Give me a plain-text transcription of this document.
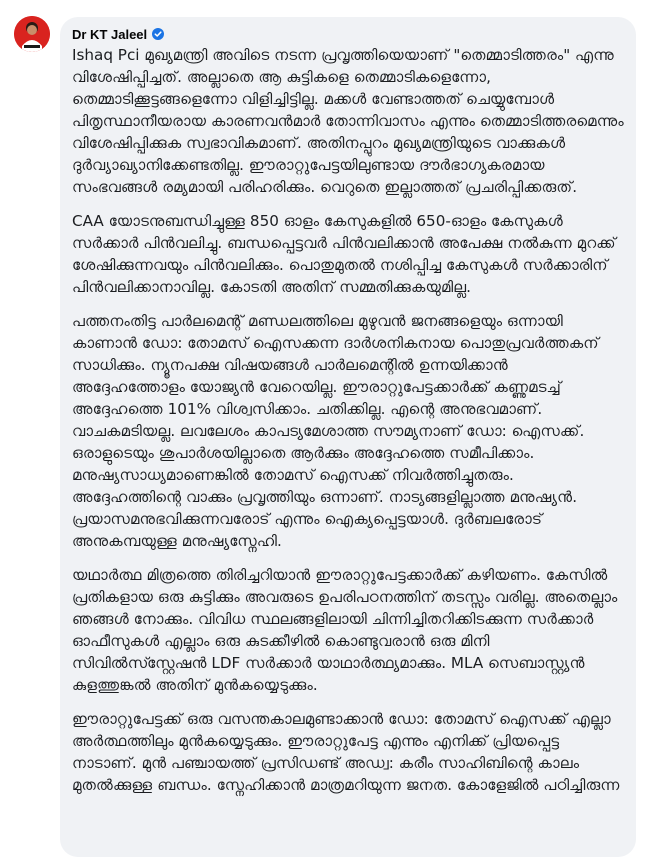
Dr KT Jaleel

Ishaq Pci മുഖ്യമന്ത്രി അവിടെ നടന്ന പ്രവൃത്തിയെയാണ് "തെമ്മാടിത്തരം" എന്നു വിശേഷിപ്പിച്ചത്. അല്ലാതെ ആ കുട്ടികളെ തെമ്മാടികളെന്നോ, തെമ്മാടിക്കൂട്ടങ്ങളെന്നോ വിളിച്ചിട്ടില്ല. മക്കൾ വേണ്ടാത്തത് ചെയ്യുമ്പോൾ പിതൃസ്ഥാനീയരായ കാരണവൻമാർ തോന്നിവാസം എന്നും തെമ്മാടിത്തരമെന്നും വിശേഷിപ്പിക്കുക സ്വഭാവികമാണ്. അതിനപ്പുറം മുഖ്യമന്ത്രിയുടെ വാക്കുകൾ ദുർവ്യാഖ്യാനിക്കേണ്ടതില്ല. ഈരാറ്റുപേട്ടയിലുണ്ടായ ദൗർഭാഗ്യകരമായ സംഭവങ്ങൾ രമ്യമായി പരിഹരിക്കും. വെറുതെ ഇല്ലാത്തത് പ്രചരിപ്പിക്കരുത്.

CAA യോടനുബന്ധിച്ചുള്ള 850 ഓളം കേസുകളിൽ 650-ഓളം കേസുകൾ സർക്കാർ പിൻവലിച്ചു. ബന്ധപ്പെട്ടവർ പിൻവലിക്കാൻ അപേക്ഷ നൽകുന്ന മുറക്ക് ശേഷിക്കുന്നവയും പിൻവലിക്കും. പൊതുമുതൽ നശിപ്പിച്ച കേസുകൾ സർക്കാരിന് പിൻവലിക്കാനാവില്ല. കോടതി അതിന് സമ്മതിക്കുകയുമില്ല.

പത്തനംതിട്ട പാർലമെന്റ് മണ്ഡലത്തിലെ മുഴുവൻ ജനങ്ങളെയും ഒന്നായി കാണാൻ ഡോ: തോമസ് ഐസക്കന്ന ദാർശനികനായ പൊതുപ്രവർത്തകന് സാധിക്കും. ന്യൂനപക്ഷ വിഷയങ്ങൾ പാർലമെന്റിൽ ഉന്നയിക്കാൻ അദ്ദേഹത്തോളം യോജ്യൻ വേറെയില്ല. ഈരാറ്റുപേട്ടക്കാർക്ക് കണ്ണുമടച്ച് അദ്ദേഹത്തെ 101% വിശ്വസിക്കാം. ചതിക്കില്ല. എന്റെ അനുഭവമാണ്. വാചകമടിയല്ല. ലവലേശം കാപട്യമേശാത്ത സൗമ്യനാണ് ഡോ: ഐസക്ക്. ഒരാളുടെയും ശുപാർശയില്ലാതെ ആർക്കും അദ്ദേഹത്തെ സമീപിക്കാം. മനുഷ്യസാധ്യമാണെങ്കിൽ തോമസ് ഐസക്ക് നിവർത്തിച്ചുതരും. അദ്ദേഹത്തിന്റെ വാക്കും പ്രവൃത്തിയും ഒന്നാണ്. നാട്യങ്ങളില്ലാത്ത മനുഷ്യൻ. പ്രയാസമനുഭവിക്കുന്നവരോട് എന്നും ഐക്യപ്പെട്ടയാൾ. ദുർബലരോട് അനുകമ്പയുള്ള മനുഷ്യസ്നേഹി.

യഥാർത്ഥ മിത്രത്തെ തിരിച്ചറിയാൻ ഈരാറ്റുപേട്ടക്കാർക്ക് കഴിയണം. കേസിൽ പ്രതികളായ ഒരു കുട്ടിക്കും അവരുടെ ഉപരിപഠനത്തിന് തടസ്സം വരില്ല. അതെല്ലാം ഞങ്ങൾ നോക്കും. വിവിധ സ്ഥലങ്ങളിലായി ചിന്നിച്ചിതറിക്കിടക്കുന്ന സർക്കാർ ഓഫീസുകൾ എല്ലാം ഒരു കുടക്കീഴിൽ കൊണ്ടുവരാൻ ഒരു മിനി സിവിൽസ്സ്റ്റേഷൻ LDF സർക്കാർ യാഥാർത്ഥ്യമാക്കും. MLA സെബാസ്റ്റ്യൻ കുളത്തുങ്കൽ അതിന് മുൻകയ്യെടുക്കും.

ഈരാറ്റുപേട്ടക്ക് ഒരു വസന്തകാലമുണ്ടാക്കാൻ ഡോ: തോമസ് ഐസക്ക് എല്ലാ അർത്ഥത്തിലും മുൻകയ്യെടുക്കും. ഈരാറ്റുപേട്ട എന്നും എനിക്ക് പ്രിയപ്പെട്ട നാടാണ്. മുൻ പഞ്ചായത്ത് പ്രസിഡണ്ട് അഡ്വ: കരീം സാഹിബിന്റെ കാലം മുതൽക്കുള്ള ബന്ധം. സ്നേഹിക്കാൻ മാത്രമറിയുന്ന ജനത. കോളേജിൽ പഠിച്ചിരുന്ന
